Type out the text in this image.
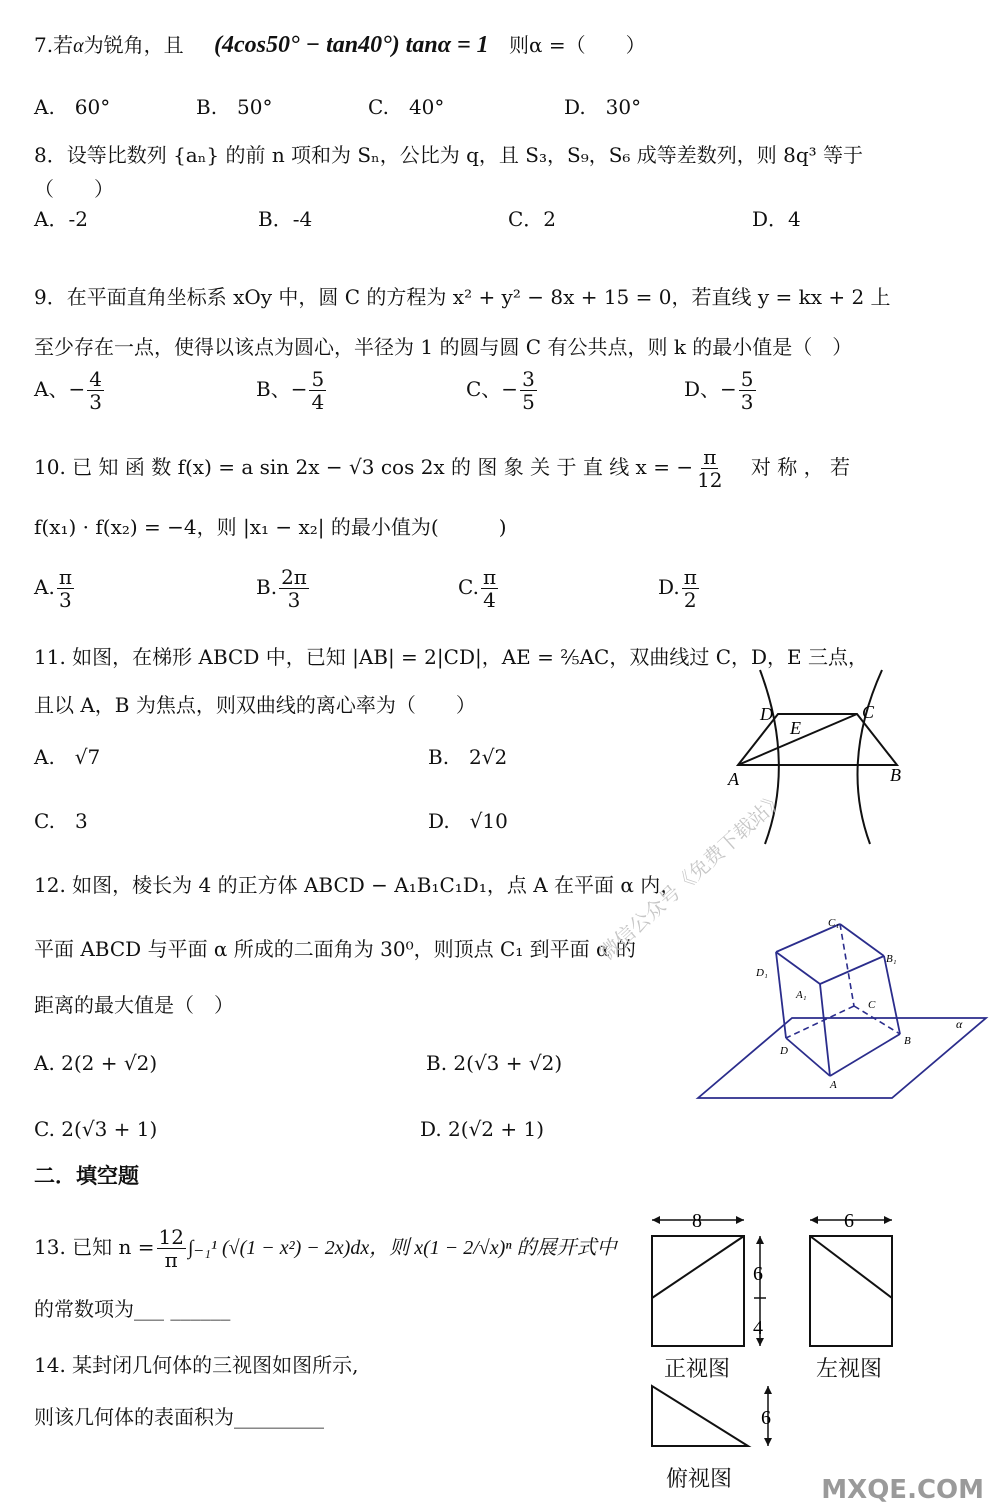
7.若α为锐角，且 (4cos50° − tan40°) tanα = 1 则α =（　　）
A.　60°	B.　50°	C.　40°	D.　30°
8．设等比数列 {aₙ} 的前 n 项和为 Sₙ，公比为 q，且 S₃，S₉，S₆ 成等差数列，则 8q³ 等于
（　　）
A．-2	B．-4	C．2	D．4
9．在平面直角坐标系 xOy 中，圆 C 的方程为 x² + y² − 8x + 15 = 0，若直线 y = kx + 2 上
至少存在一点，使得以该点为圆心，半径为 1 的圆与圆 C 有公共点，则 k 的最小值是（　）
A、− $\frac{4}{3}$	B、− $\frac{5}{4}$	C、− $\frac{3}{5}$	D、− $\frac{5}{3}$
10. 已 知 函 数 f(x) = a sin 2x − √3 cos 2x 的 图 象 关 于 直 线 x = − $\frac{\pi}{12}$ 对 称 ， 若
f(x₁) · f(x₂) = −4，则 |x₁ − x₂| 的最小值为(　　　)
A. $\frac{\pi}{3}$	B. $\frac{2\pi}{3}$	C. $\frac{\pi}{4}$	D. $\frac{\pi}{2}$
11. 如图，在梯形 ABCD 中，已知 |AB| = 2|CD|，AE = ⅖AC，双曲线过 C，D，E 三点，
且以 A，B 为焦点，则双曲线的离心率为（　　）
A.　√7	B.　2√2
C.　3	D.　√10
D	C
E
A	B
12. 如图，棱长为 4 的正方体 ABCD − A₁B₁C₁D₁，点 A 在平面 α 内，
平面 ABCD 与平面 α 所成的二面角为 30⁰，则顶点 C₁ 到平面 α 的
距离的最大值是（　）
A. 2(2 + √2)	B. 2(√3 + √2)
C. 2(√3 + 1)	D. 2(√2 + 1)
C₁
B₁
D₁
A₁
C
D
B
A
α
二．填空题
13. 已知 $n = \frac{12}{\pi} \int_{-1}^1$ (√(1 − x²) − 2x)dx，则 x(1 − 2/√x)ⁿ 的展开式中
的常数项为___ ______
14. 某封闭几何体的三视图如图所示,
则该几何体的表面积为_________
8
6
4
6
6
正视图	左视图
俯视图
微信公众号《免费下载站》
MXQE.COM
